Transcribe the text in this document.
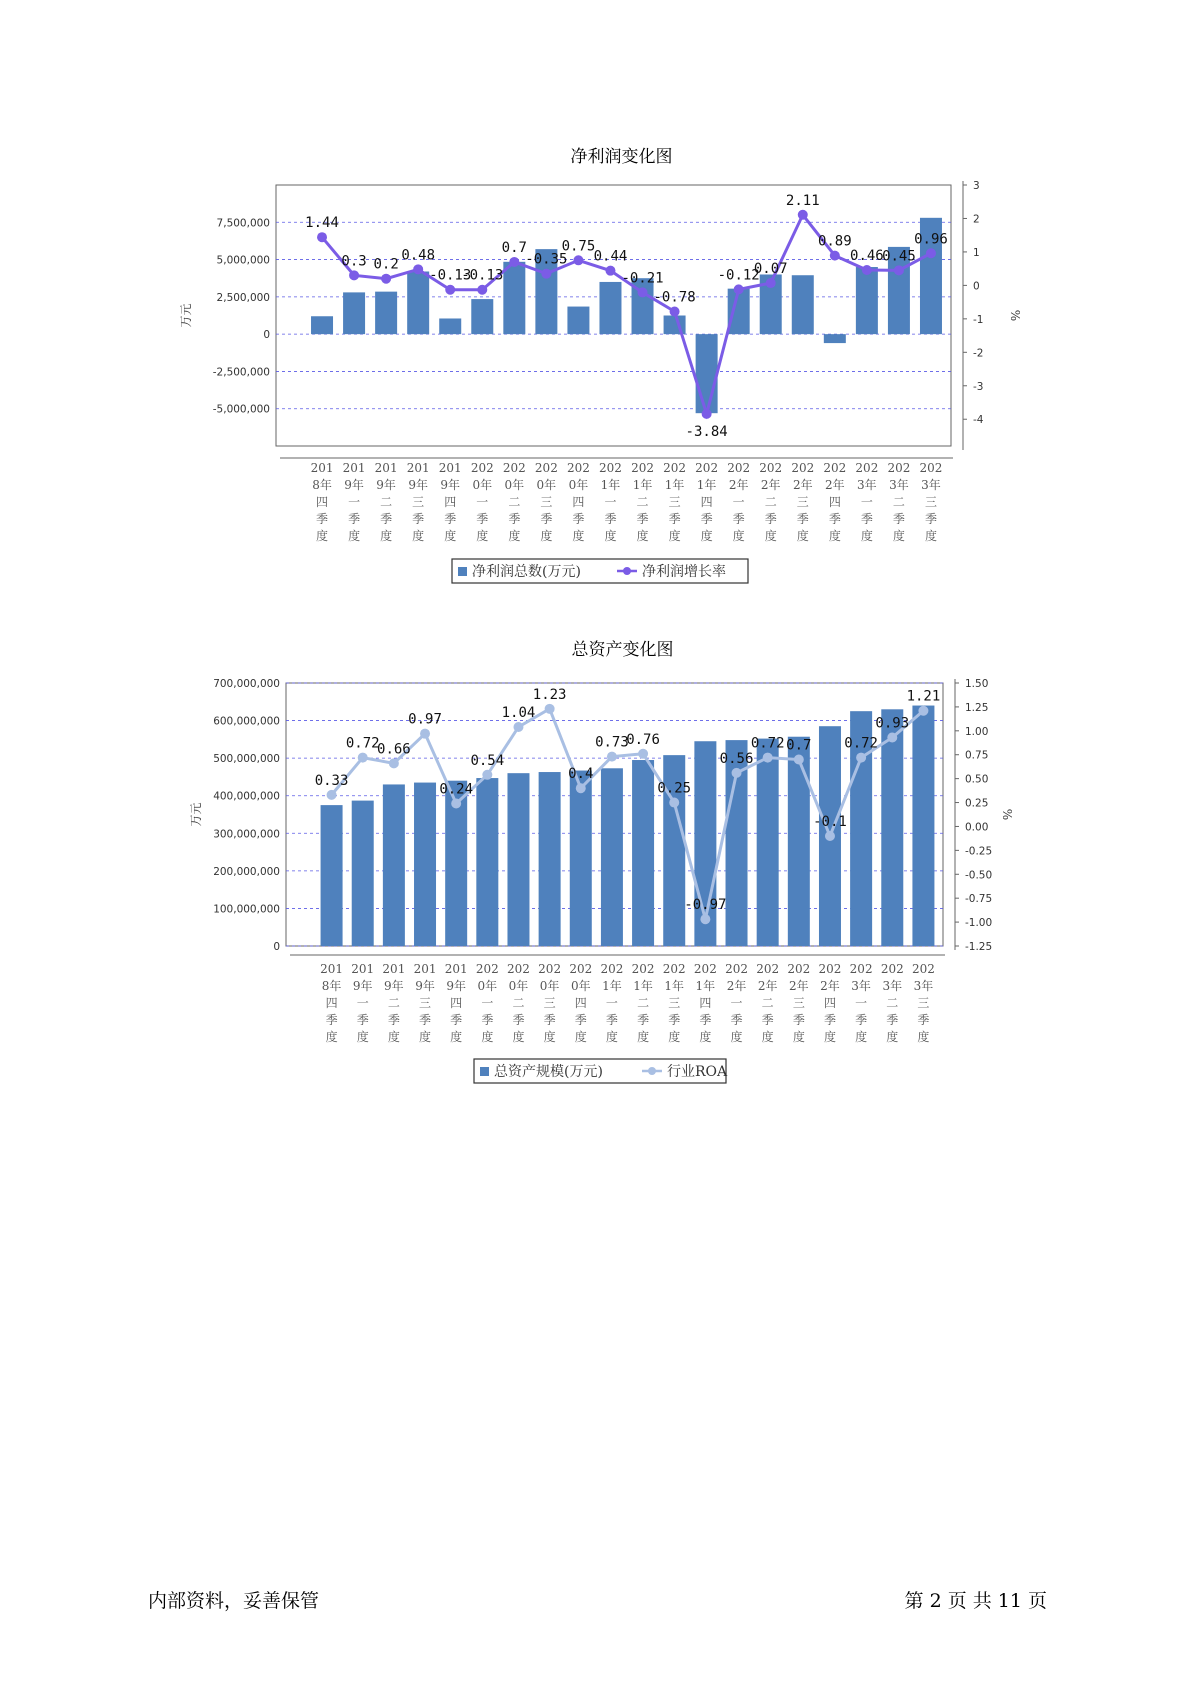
净利润变化图
-5,000,000
-2,500,000
0
2,500,000
5,000,000
7,500,000
-4
-3
-2
-1
0
1
2
3
万元	%
201 8年四季度
201 9年一季度
201 9年二季度
201 9年三季度
201 9年四季度
202 0年一季度
202 0年二季度
202 0年三季度
202 0年四季度
202 1年一季度
202 1年二季度
202 1年三季度
202 1年四季度
202 2年一季度
202 2年二季度
202 2年三季度
202 2年四季度
202 3年一季度
202 3年二季度
202 3年三季度
1.44
0.3 0.2
0.48
-0.13
-0.13
0.7
-0.35
0.75
0.44
-0.21
-0.78
-3.84
-0.12
0.07
2.11
0.89
0.46
0.45
0.96
净利润总数(万元)	净利润增长率
总资产变化图
0
100,000,000
200,000,000
300,000,000
400,000,000
500,000,000
600,000,000
700,000,000
-1.25
-1.00
-0.75
-0.50
-0.25
0.00
0.25
0.50
0.75
1.00
1.25
1.50
万元	%
201 8年四季度
201 9年一季度
201 9年二季度
201 9年三季度
201 9年四季度
202 0年一季度
202 0年二季度
202 0年三季度
202 0年四季度
202 1年一季度
202 1年二季度
202 1年三季度
202 1年四季度
202 2年一季度
202 2年二季度
202 2年三季度
202 2年四季度
202 3年一季度
202 3年二季度
202 3年三季度
0.33
0.72
0.66
0.97
0.24
0.54
1.04
1.23
0.4
0.73
0.76
0.25
-0.97
0.56
0.72 0.7
-0.1
0.72
0.93
1.21
总资产规模(万元)	行业ROA
内部资料，妥善保管	第 2 页 共 11 页
